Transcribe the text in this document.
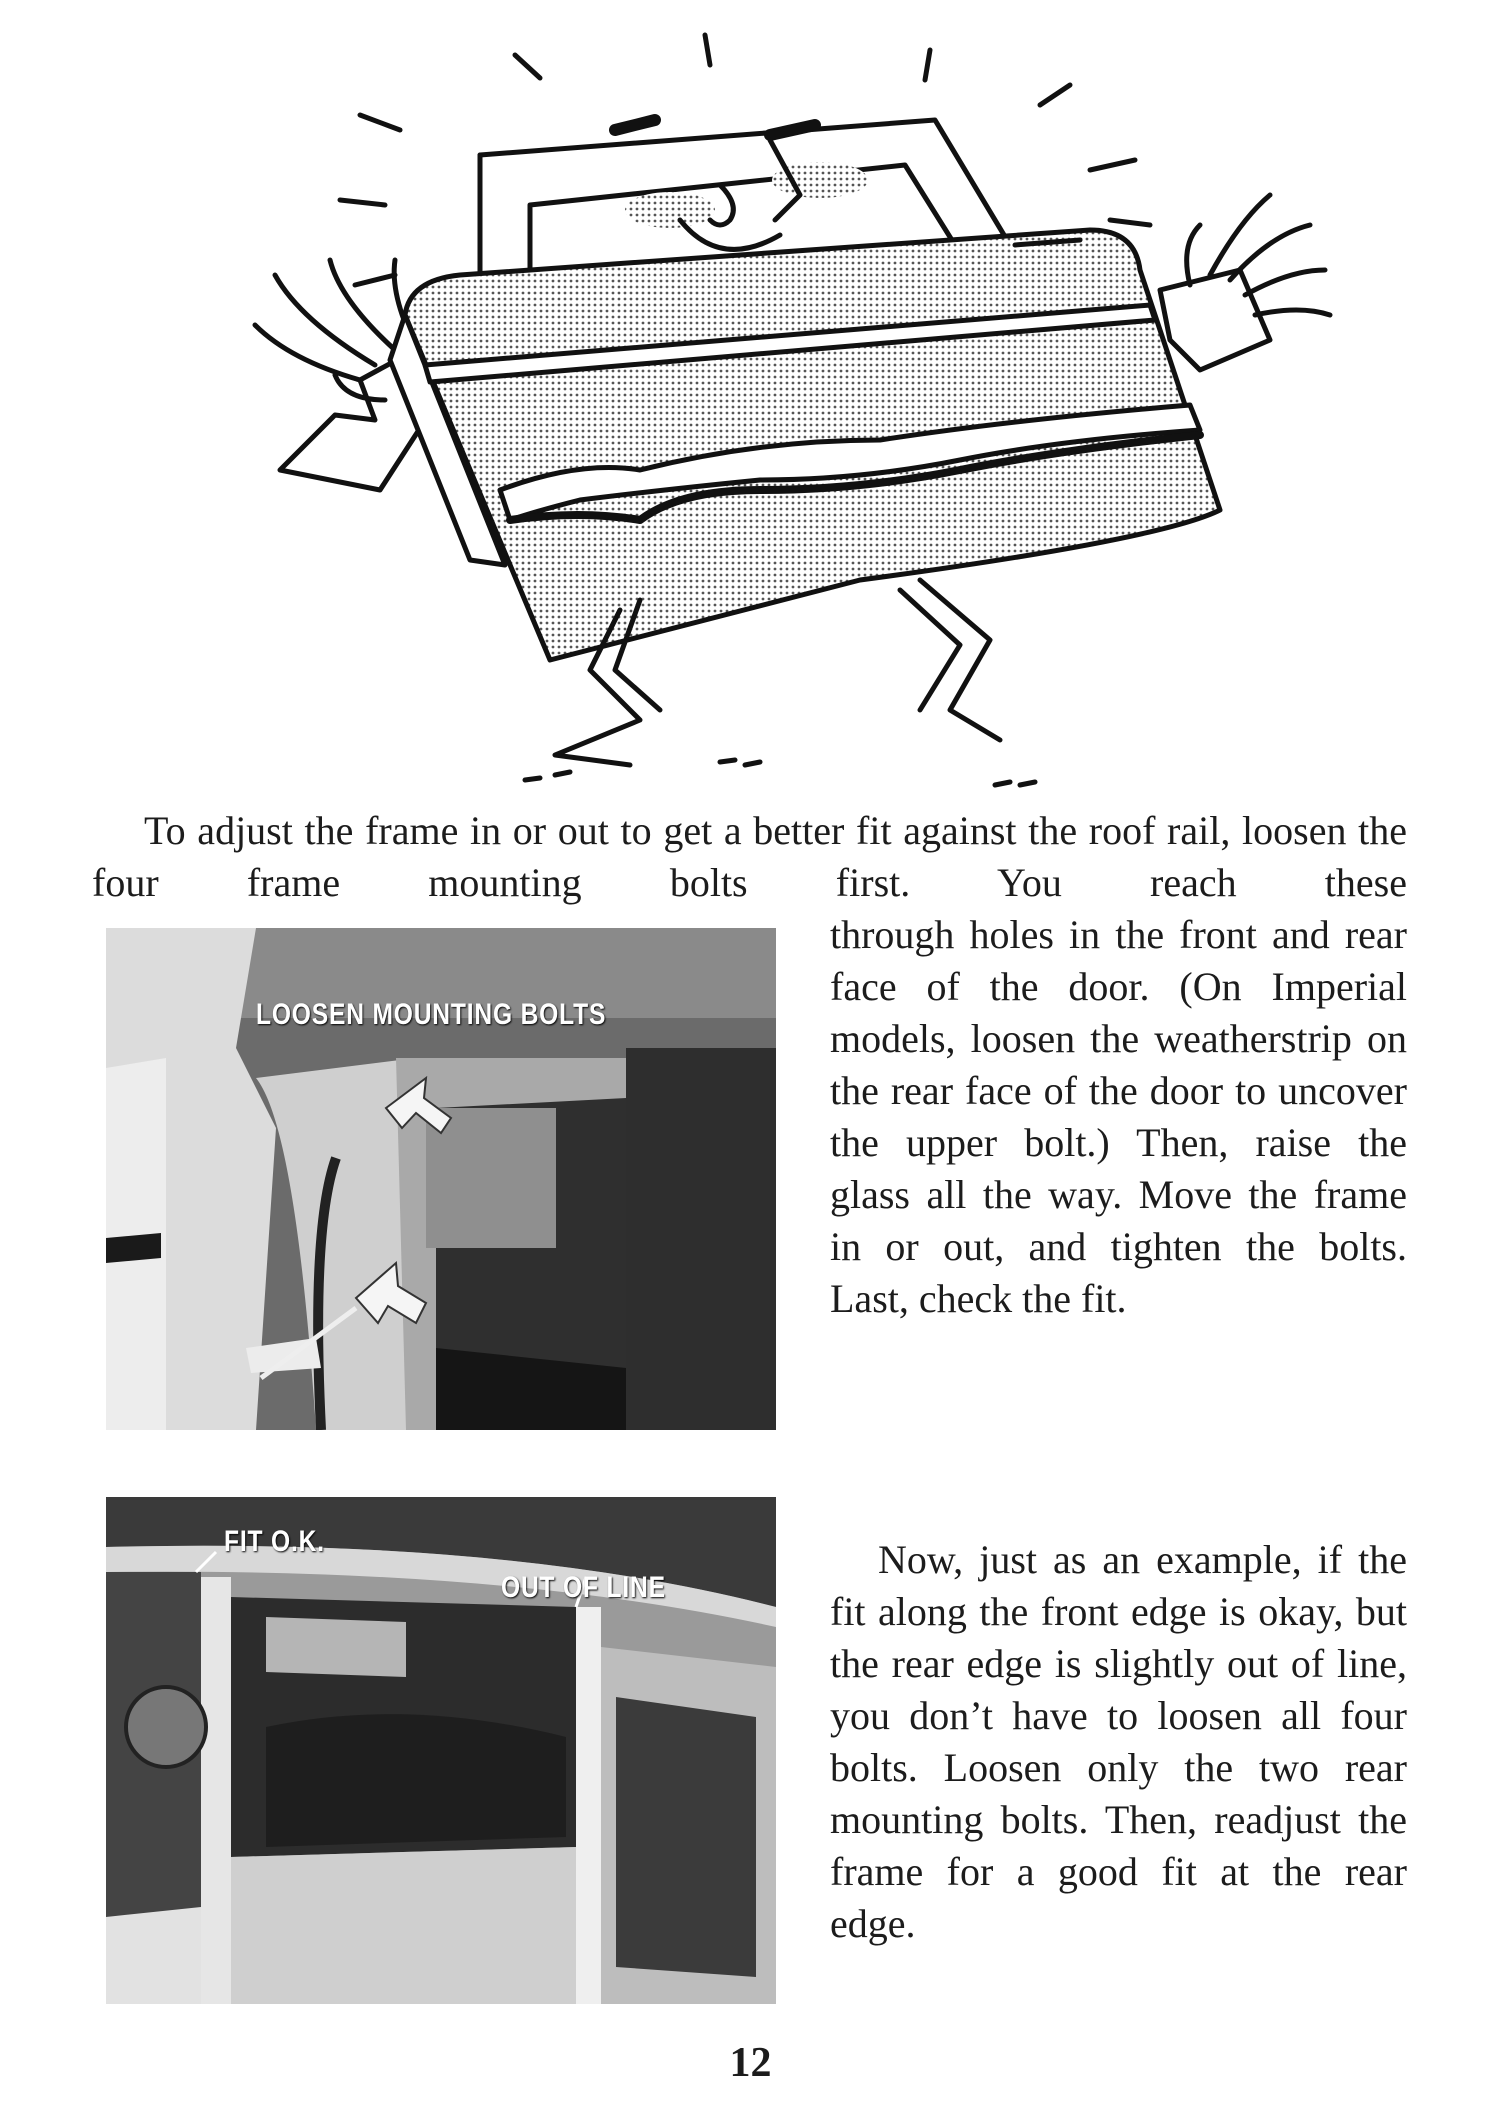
To adjust the frame in or out to get a better fit against the roof rail, loosen the four frame mounting bolts first. You reach these

LOOSEN MOUNTING BOLTS

through holes in the front and rear face of the door. (On Imperial models, loosen the weatherstrip on the rear face of the door to uncover the upper bolt.) Then, raise the glass all the way. Move the frame in or out, and tighten the bolts. Last, check the fit.

FIT O.K.
OUT OF LINE

Now, just as an example, if the fit along the front edge is okay, but the rear edge is slightly out of line, you don’t have to loosen all four bolts. Loosen only the two rear mounting bolts. Then, readjust the frame for a good fit at the rear edge.

12
